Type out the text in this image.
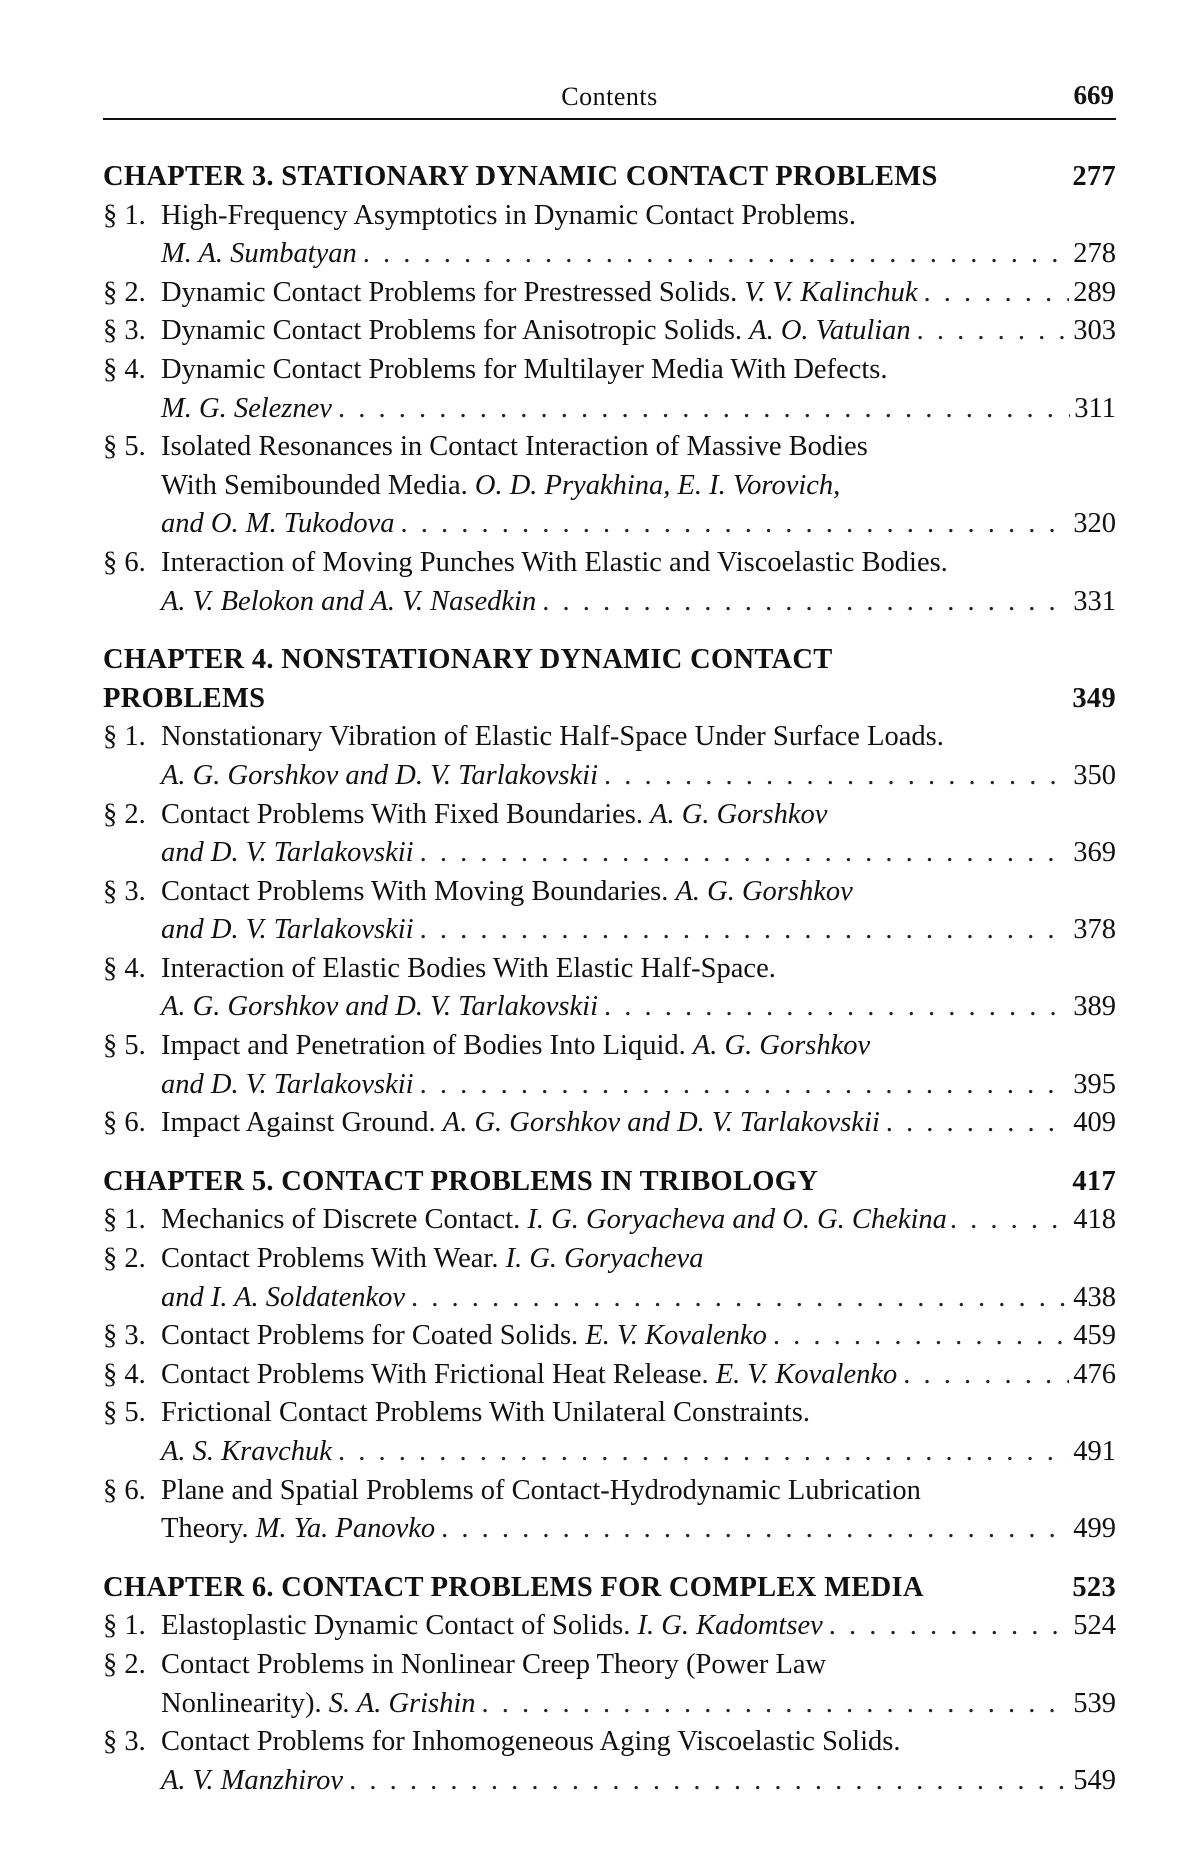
Contents	669
CHAPTER 3. STATIONARY DYNAMIC CONTACT PROBLEMS	277
§ 1. High-Frequency Asymptotics in Dynamic Contact Problems.
M. A. Sumbatyan . . .	278
§ 2. Dynamic Contact Problems for Prestressed Solids. V. V. Kalinchuk . . .	289
§ 3. Dynamic Contact Problems for Anisotropic Solids. A. O. Vatulian . . .	303
§ 4. Dynamic Contact Problems for Multilayer Media With Defects.
M. G. Seleznev . . .	311
§ 5. Isolated Resonances in Contact Interaction of Massive Bodies
With Semibounded Media. O. D. Pryakhina, E. I. Vorovich,
and O. M. Tukodova . . .	320
§ 6. Interaction of Moving Punches With Elastic and Viscoelastic Bodies.
A. V. Belokon and A. V. Nasedkin . . .	331
CHAPTER 4. NONSTATIONARY DYNAMIC CONTACT
PROBLEMS	349
§ 1. Nonstationary Vibration of Elastic Half-Space Under Surface Loads.
A. G. Gorshkov and D. V. Tarlakovskii . . .	350
§ 2. Contact Problems With Fixed Boundaries. A. G. Gorshkov
and D. V. Tarlakovskii . . .	369
§ 3. Contact Problems With Moving Boundaries. A. G. Gorshkov
and D. V. Tarlakovskii . . .	378
§ 4. Interaction of Elastic Bodies With Elastic Half-Space.
A. G. Gorshkov and D. V. Tarlakovskii . . .	389
§ 5. Impact and Penetration of Bodies Into Liquid. A. G. Gorshkov
and D. V. Tarlakovskii . . .	395
§ 6. Impact Against Ground. A. G. Gorshkov and D. V. Tarlakovskii . . .	409
CHAPTER 5. CONTACT PROBLEMS IN TRIBOLOGY	417
§ 1. Mechanics of Discrete Contact. I. G. Goryacheva and O. G. Chekina . . .	418
§ 2. Contact Problems With Wear. I. G. Goryacheva
and I. A. Soldatenkov . . .	438
§ 3. Contact Problems for Coated Solids. E. V. Kovalenko . . .	459
§ 4. Contact Problems With Frictional Heat Release. E. V. Kovalenko . . .	476
§ 5. Frictional Contact Problems With Unilateral Constraints.
A. S. Kravchuk . . .	491
§ 6. Plane and Spatial Problems of Contact-Hydrodynamic Lubrication
Theory. M. Ya. Panovko . . .	499
CHAPTER 6. CONTACT PROBLEMS FOR COMPLEX MEDIA	523
§ 1. Elastoplastic Dynamic Contact of Solids. I. G. Kadomtsev . . .	524
§ 2. Contact Problems in Nonlinear Creep Theory (Power Law
Nonlinearity). S. A. Grishin . . .	539
§ 3. Contact Problems for Inhomogeneous Aging Viscoelastic Solids.
A. V. Manzhirov . . .	549
